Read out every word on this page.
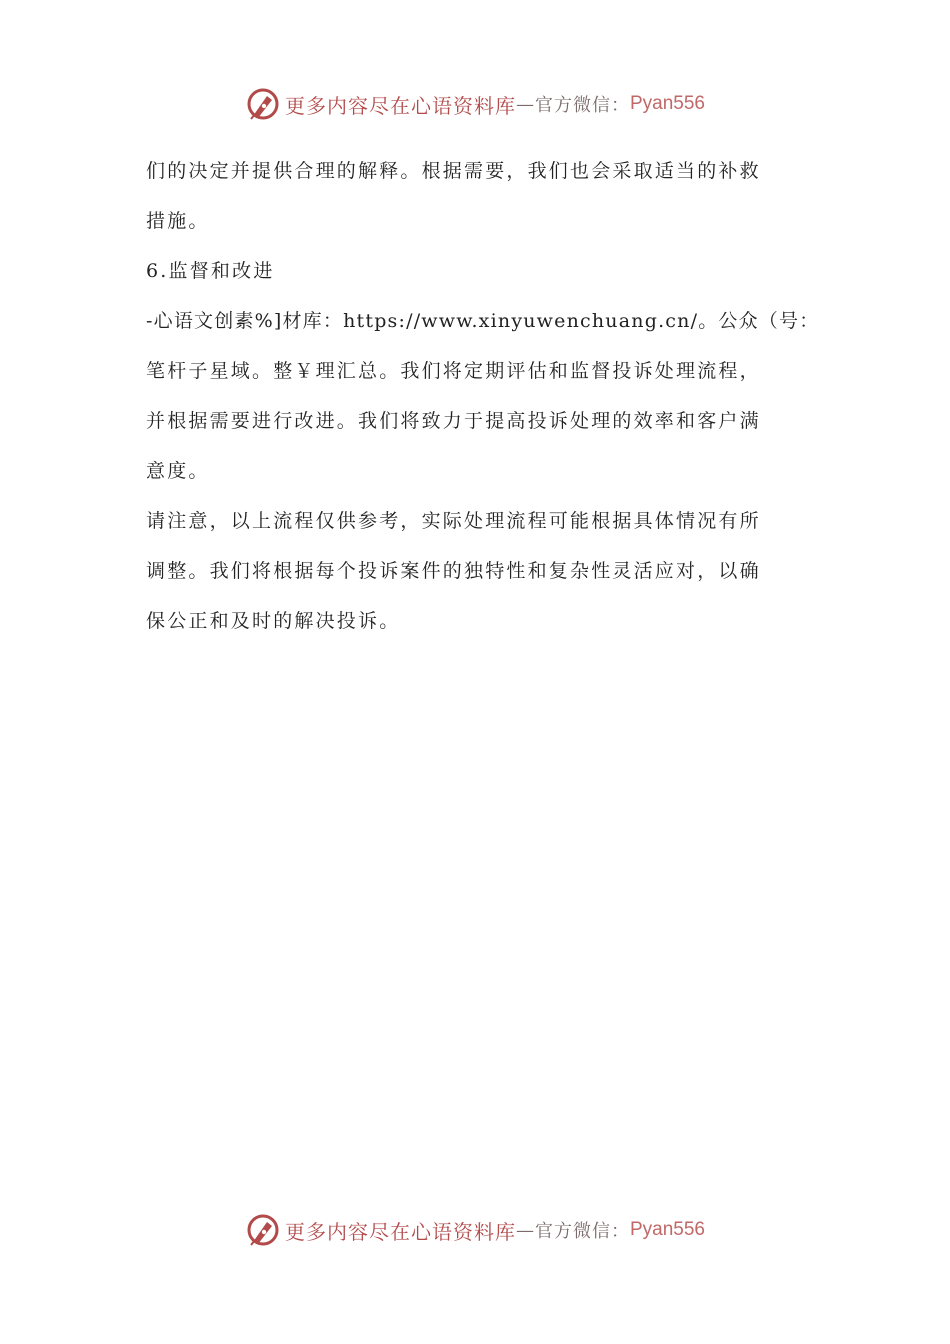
更多内容尽在心语资料库 — 官方微信： Pyan556
们的决定并提供合理的解释。根据需要，我们也会采取适当的补救
措施。
6.监督和改进
-心语文创素%]材库：https://www.xinyuwenchuang.cn/。公众（号：
笔杆子星域。整￥理汇总。我们将定期评估和监督投诉处理流程，
并根据需要进行改进。我们将致力于提高投诉处理的效率和客户满
意度。
请注意，以上流程仅供参考，实际处理流程可能根据具体情况有所
调整。我们将根据每个投诉案件的独特性和复杂性灵活应对，以确
保公正和及时的解决投诉。
更多内容尽在心语资料库 — 官方微信： Pyan556
